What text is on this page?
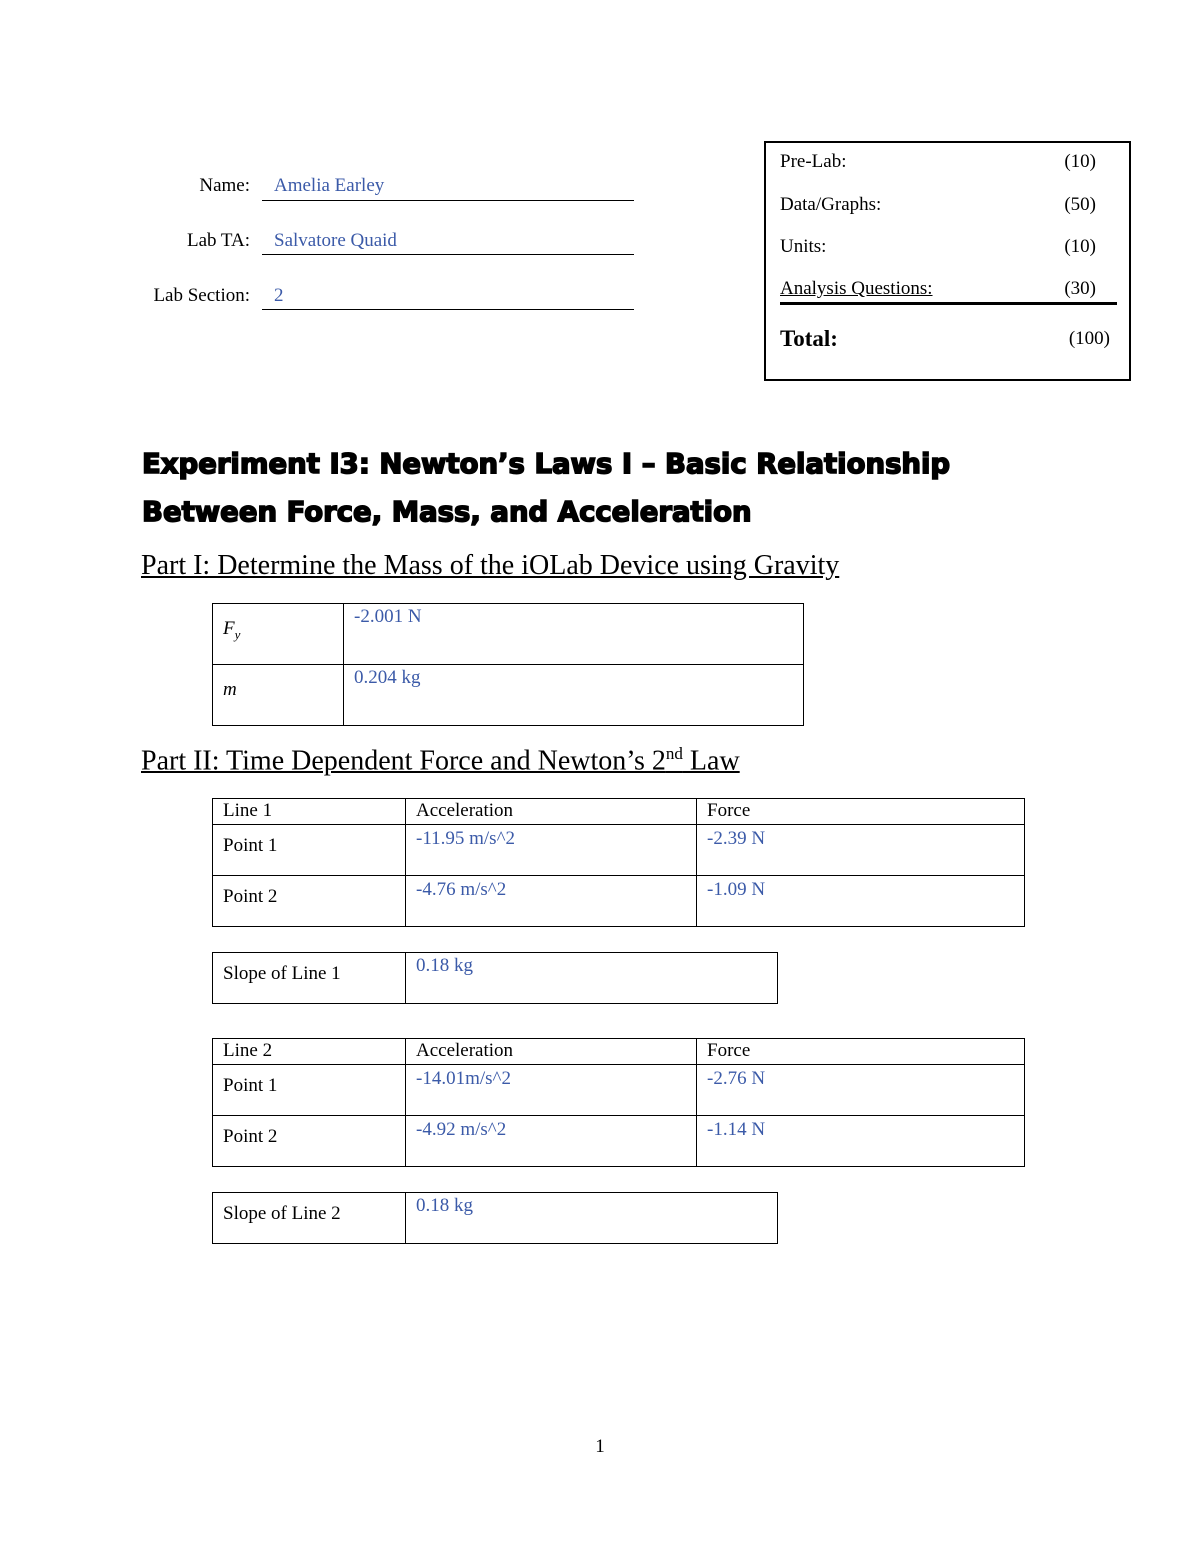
Name: Amelia Earley
Lab TA: Salvatore Quaid
Lab Section: 2
Pre-Lab:	(10)
Data/Graphs:	(50)
Units:	(10)
Analysis Questions:	(30)
Total:	(100)
Experiment I3: Newton’s Laws I – Basic Relationship
Between Force, Mass, and Acceleration
Part I: Determine the Mass of the iOLab Device using Gravity
$F_y$	-2.001 N
m	0.204 kg
Part II: Time Dependent Force and Newton’s 2nd Law
Line 1	Acceleration	Force
Point 1	-11.95 m/s^2	-2.39 N
Point 2	-4.76 m/s^2	-1.09 N
Slope of Line 1	0.18 kg
Line 2	Acceleration	Force
Point 1	-14.01m/s^2	-2.76 N
Point 2	-4.92 m/s^2	-1.14 N
Slope of Line 2	0.18 kg
1
